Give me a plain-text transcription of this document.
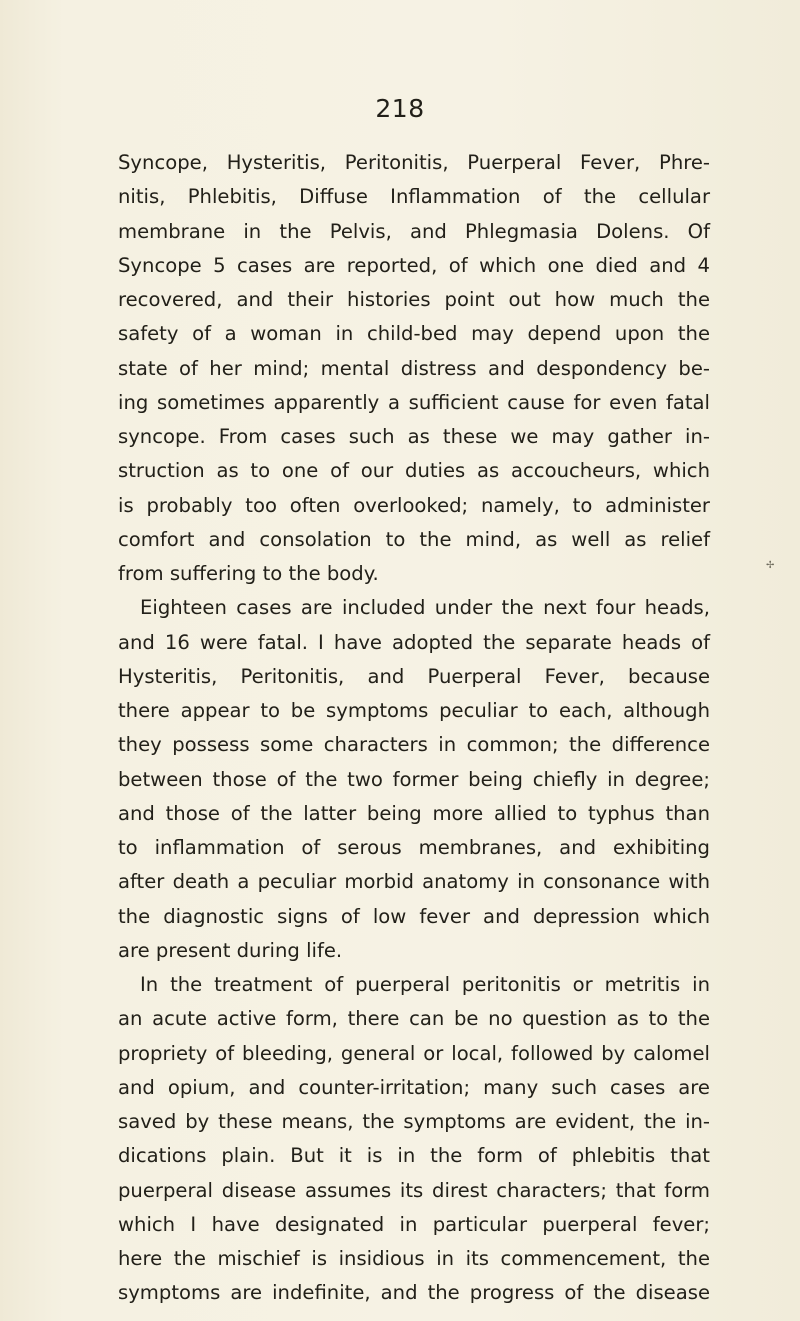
218
Syncope, Hysteritis, Peritonitis, Puerperal Fever, Phre-
nitis, Phlebitis, Diffuse Inflammation of the cellular
membrane in the Pelvis, and Phlegmasia Dolens. Of
Syncope 5 cases are reported, of which one died and 4
recovered, and their histories point out how much the
safety of a woman in child-bed may depend upon the
state of her mind; mental distress and despondency be-
ing sometimes apparently a sufficient cause for even fatal
syncope. From cases such as these we may gather in-
struction as to one of our duties as accoucheurs, which
is probably too often overlooked; namely, to administer
comfort and consolation to the mind, as well as relief
from suffering to the body.
Eighteen cases are included under the next four heads,
and 16 were fatal. I have adopted the separate heads of
Hysteritis, Peritonitis, and Puerperal Fever, because
there appear to be symptoms peculiar to each, although
they possess some characters in common; the difference
between those of the two former being chiefly in degree;
and those of the latter being more allied to typhus than
to inflammation of serous membranes, and exhibiting
after death a peculiar morbid anatomy in consonance with
the diagnostic signs of low fever and depression which
are present during life.
In the treatment of puerperal peritonitis or metritis in
an acute active form, there can be no question as to the
propriety of bleeding, general or local, followed by calomel
and opium, and counter-irritation; many such cases are
saved by these means, the symptoms are evident, the in-
dications plain. But it is in the form of phlebitis that
puerperal disease assumes its direst characters; that form
which I have designated in particular puerperal fever;
here the mischief is insidious in its commencement, the
symptoms are indefinite, and the progress of the disease
✢
